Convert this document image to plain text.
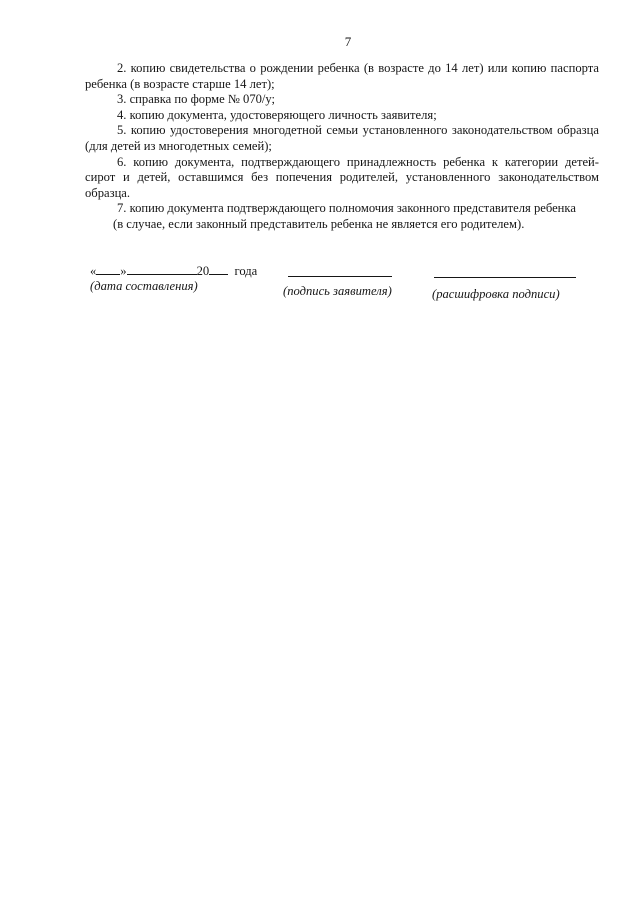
7

2. копию свидетельства о рождении ребенка (в возрасте до 14 лет) или копию паспорта ребенка (в возрасте старше 14 лет);

3. справка по форме № 070/у;

4. копию документа, удостоверяющего личность заявителя;

5. копию удостоверения многодетной семьи установленного законодательством образца (для детей из многодетных семей);

6. копию документа, подтверждающего принадлежность ребенка к категории детей-сирот и детей, оставшимся без попечения родителей, установленного законодательством образца.

7. копию документа подтверждающего полномочия законного представителя ребенка
(в случае, если законный представитель ребенка не является его родителем).

« »	20 года
(дата составления)	(подпись заявителя)	(расшифровка подписи)
